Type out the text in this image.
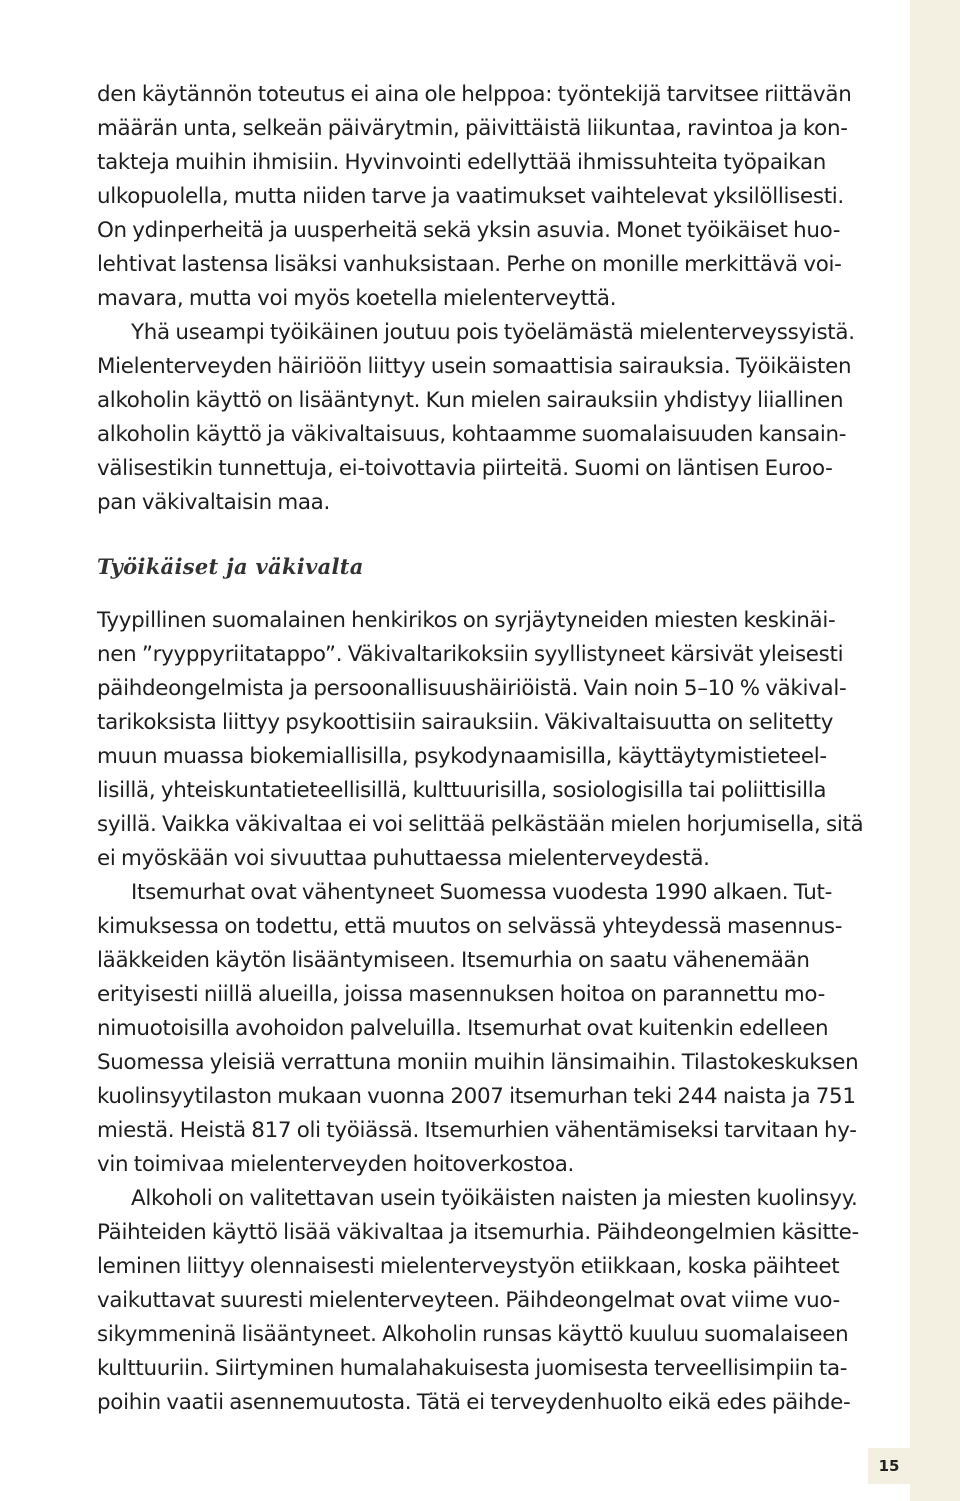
den käytännön toteutus ei aina ole helppoa: työntekijä tarvitsee riittävän
määrän unta, selkeän päivärytmin, päivittäistä liikuntaa, ravintoa ja kon-
takteja muihin ihmisiin. Hyvinvointi edellyttää ihmissuhteita työpaikan
ulkopuolella, mutta niiden tarve ja vaatimukset vaihtelevat yksilöllisesti.
On ydinperheitä ja uusperheitä sekä yksin asuvia. Monet työikäiset huo-
lehtivat lastensa lisäksi vanhuksistaan. Perhe on monille merkittävä voi-
mavara, mutta voi myös koetella mielenterveyttä.

Yhä useampi työikäinen joutuu pois työelämästä mielenterveyssyistä.
Mielenterveyden häiriöön liittyy usein somaattisia sairauksia. Työikäisten
alkoholin käyttö on lisääntynyt. Kun mielen sairauksiin yhdistyy liiallinen
alkoholin käyttö ja väkivaltaisuus, kohtaamme suomalaisuuden kansain-
välisestikin tunnettuja, ei-toivottavia piirteitä. Suomi on läntisen Euroo-
pan väkivaltaisin maa.

Työikäiset ja väkivalta

Tyypillinen suomalainen henkirikos on syrjäytyneiden miesten keskinäi-
nen ”ryyppyriitatappo”. Väkivaltarikoksiin syyllistyneet kärsivät yleisesti
päihdeongelmista ja persoonallisuushäiriöistä. Vain noin 5–10 % väkival-
tarikoksista liittyy psykoottisiin sairauksiin. Väkivaltaisuutta on selitetty
muun muassa biokemiallisilla, psykodynaamisilla, käyttäytymistieteel-
lisillä, yhteiskuntatieteellisillä, kulttuurisilla, sosiologisilla tai poliittisilla
syillä. Vaikka väkivaltaa ei voi selittää pelkästään mielen horjumisella, sitä
ei myöskään voi sivuuttaa puhuttaessa mielenterveydestä.

Itsemurhat ovat vähentyneet Suomessa vuodesta 1990 alkaen. Tut-
kimuksessa on todettu, että muutos on selvässä yhteydessä masennus-
lääkkeiden käytön lisääntymiseen. Itsemurhia on saatu vähenemään
erityisesti niillä alueilla, joissa masennuksen hoitoa on parannettu mo-
nimuotoisilla avohoidon palveluilla. Itsemurhat ovat kuitenkin edelleen
Suomessa yleisiä verrattuna moniin muihin länsimaihin. Tilastokeskuksen
kuolinsyytilaston mukaan vuonna 2007 itsemurhan teki 244 naista ja 751
miestä. Heistä 817 oli työiässä. Itsemurhien vähentämiseksi tarvitaan hy-
vin toimivaa mielenterveyden hoitoverkostoa.

Alkoholi on valitettavan usein työikäisten naisten ja miesten kuolinsyy.
Päihteiden käyttö lisää väkivaltaa ja itsemurhia. Päihdeongelmien käsitte-
leminen liittyy olennaisesti mielenterveystyön etiikkaan, koska päihteet
vaikuttavat suuresti mielenterveyteen. Päihdeongelmat ovat viime vuo-
sikymmeninä lisääntyneet. Alkoholin runsas käyttö kuuluu suomalaiseen
kulttuuriin. Siirtyminen humalahakuisesta juomisesta terveellisimpiin ta-
poihin vaatii asennemuutosta. Tätä ei terveydenhuolto eikä edes päihde-

15
